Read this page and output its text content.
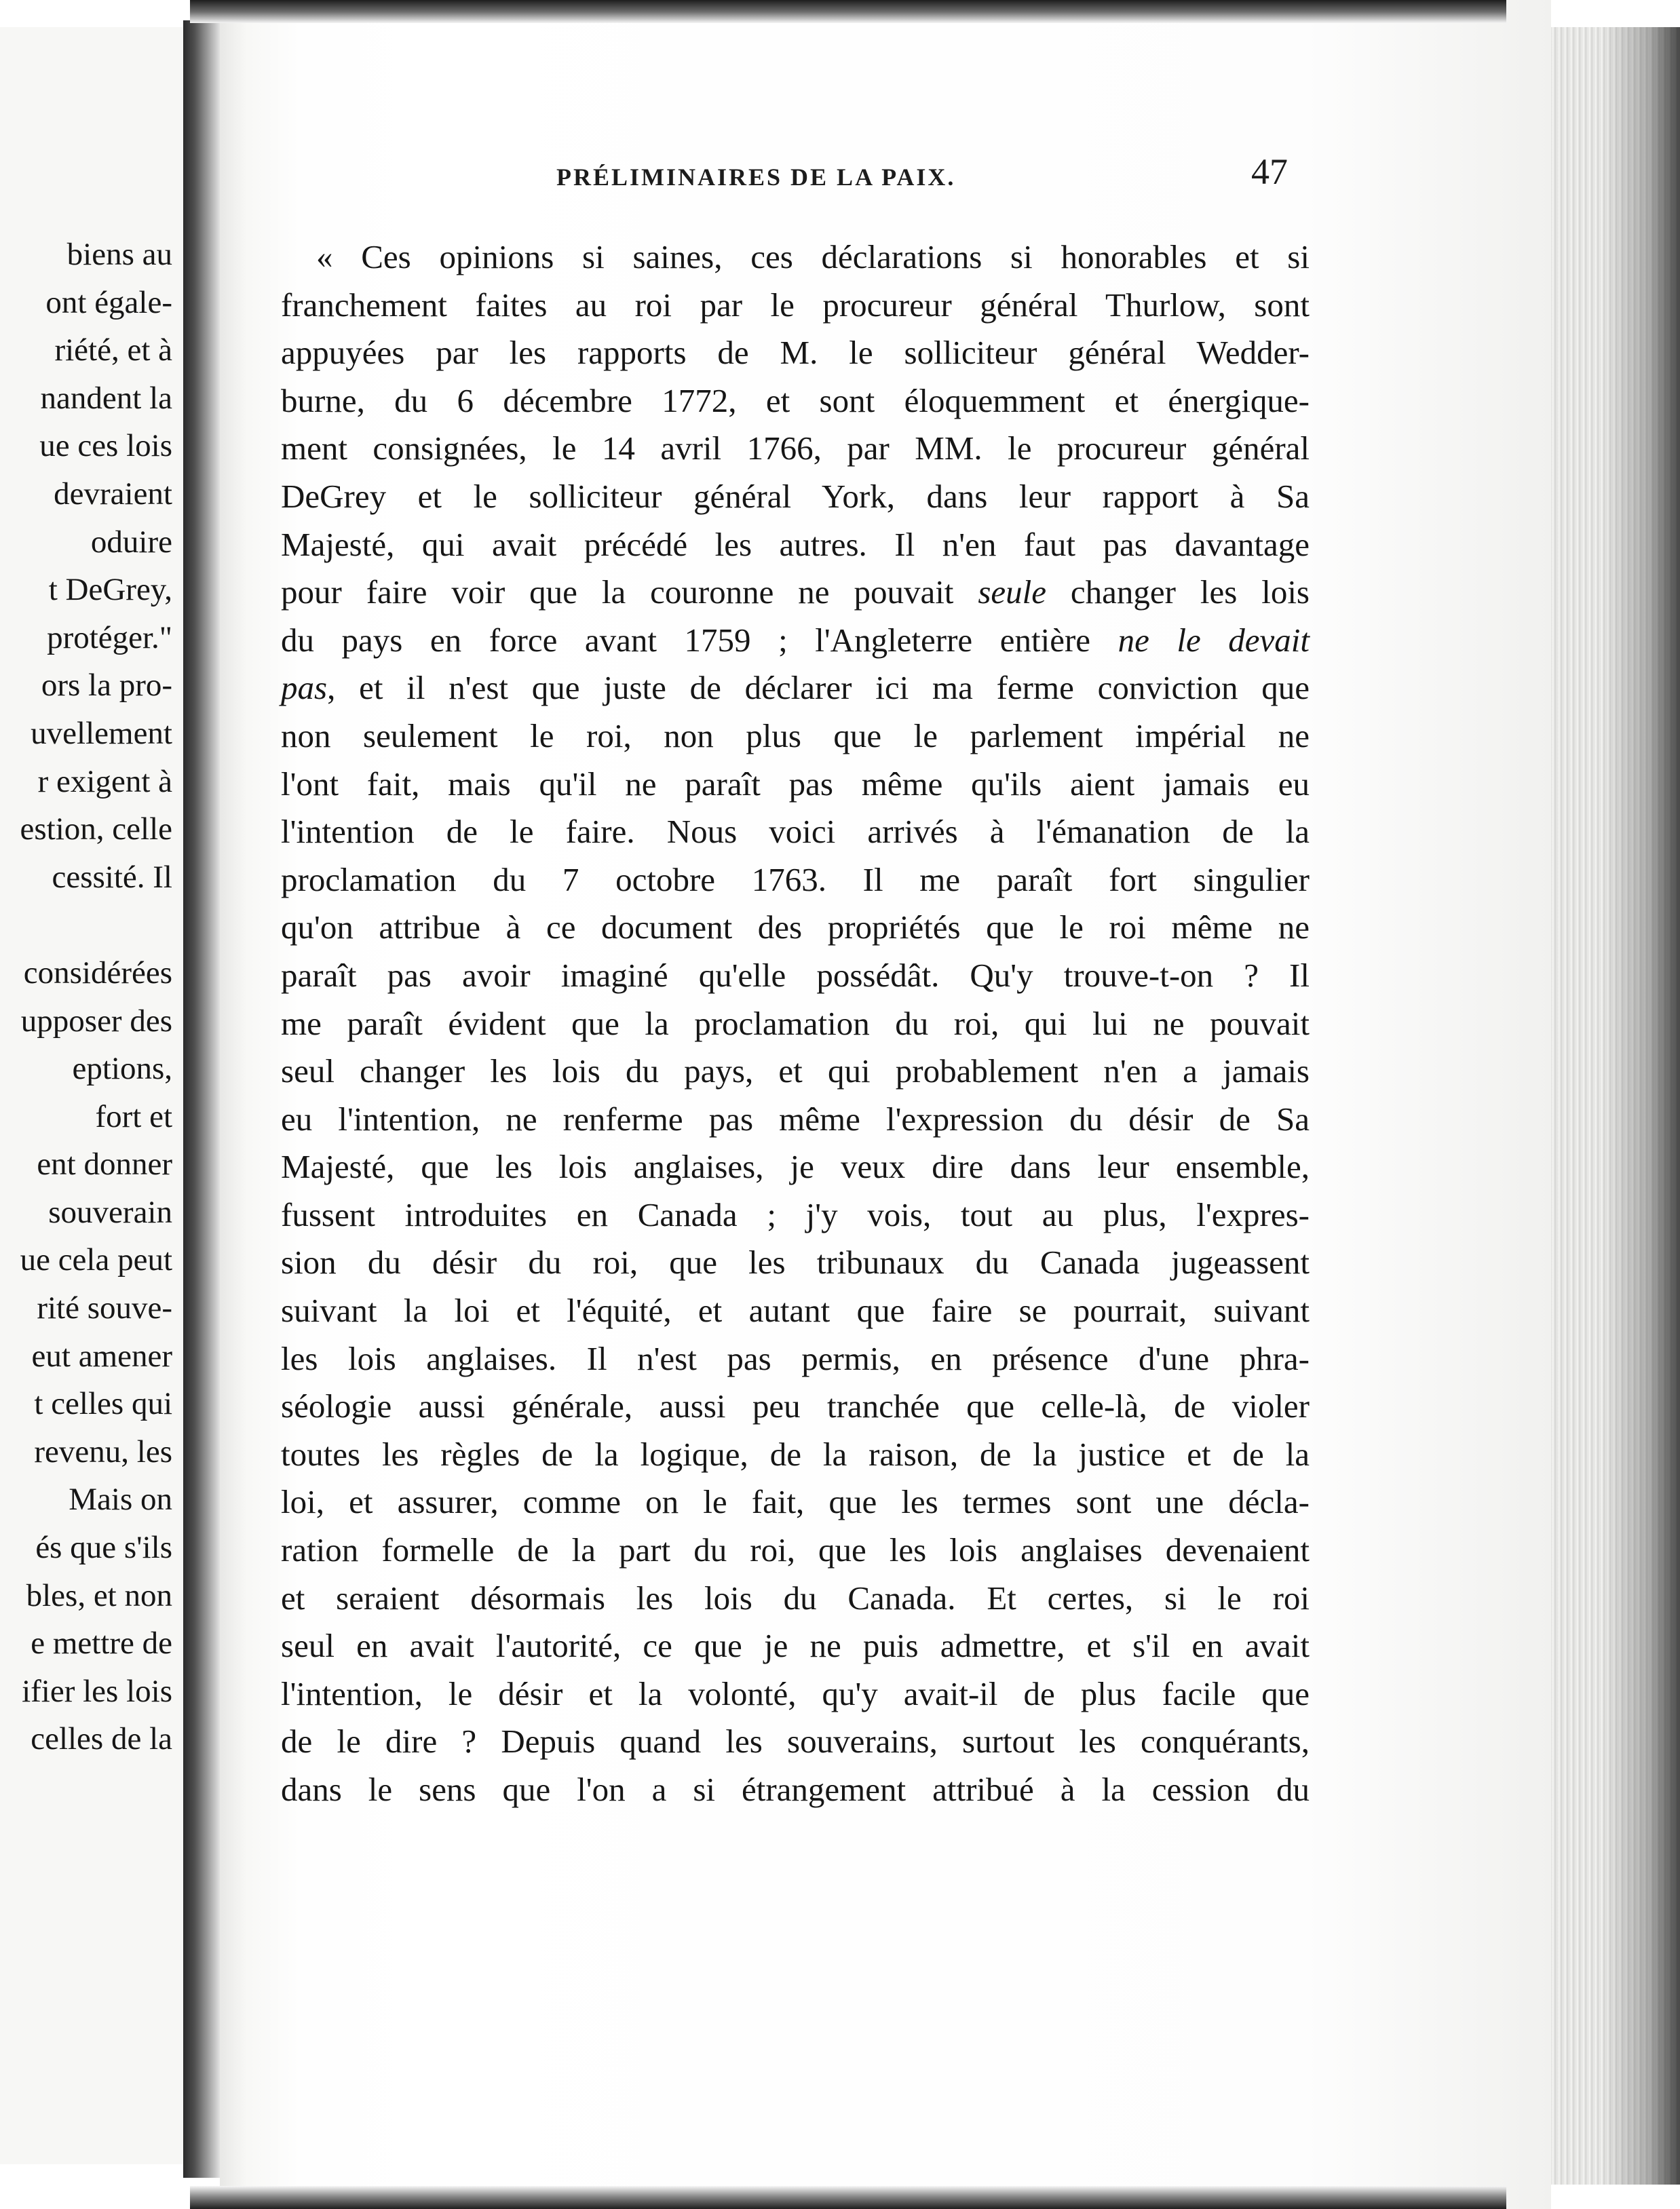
biens au
ont égale-
riété, et à
nandent la
ue ces lois
devraient
oduire
t DeGrey,
protéger."
ors la pro-
uvellement
r exigent à
estion, celle
cessité. Il
considérées
upposer des
eptions,
fort et
ent donner
souverain
ue cela peut
rité souve-
eut amener
t celles qui
revenu, les
Mais on
és que s'ils
bles, et non
e mettre de
ifier les lois
celles de la
PRÉLIMINAIRES DE LA PAIX.	47
« Ces opinions si saines, ces déclarations si honorables et si
franchement faites au roi par le procureur général Thurlow, sont
appuyées par les rapports de M. le solliciteur général Wedder-
burne, du 6 décembre 1772, et sont éloquemment et énergique-
ment consignées, le 14 avril 1766, par MM. le procureur général
DeGrey et le solliciteur général York, dans leur rapport à Sa
Majesté, qui avait précédé les autres. Il n'en faut pas davantage
pour faire voir que la couronne ne pouvait seule changer les lois
du pays en force avant 1759 ; l'Angleterre entière ne le devait
pas, et il n'est que juste de déclarer ici ma ferme conviction que
non seulement le roi, non plus que le parlement impérial ne
l'ont fait, mais qu'il ne paraît pas même qu'ils aient jamais eu
l'intention de le faire. Nous voici arrivés à l'émanation de la
proclamation du 7 octobre 1763. Il me paraît fort singulier
qu'on attribue à ce document des propriétés que le roi même ne
paraît pas avoir imaginé qu'elle possédât. Qu'y trouve-t-on ? Il
me paraît évident que la proclamation du roi, qui lui ne pouvait
seul changer les lois du pays, et qui probablement n'en a jamais
eu l'intention, ne renferme pas même l'expression du désir de Sa
Majesté, que les lois anglaises, je veux dire dans leur ensemble,
fussent introduites en Canada ; j'y vois, tout au plus, l'expres-
sion du désir du roi, que les tribunaux du Canada jugeassent
suivant la loi et l'équité, et autant que faire se pourrait, suivant
les lois anglaises. Il n'est pas permis, en présence d'une phra-
séologie aussi générale, aussi peu tranchée que celle-là, de violer
toutes les règles de la logique, de la raison, de la justice et de la
loi, et assurer, comme on le fait, que les termes sont une décla-
ration formelle de la part du roi, que les lois anglaises devenaient
et seraient désormais les lois du Canada. Et certes, si le roi
seul en avait l'autorité, ce que je ne puis admettre, et s'il en avait
l'intention, le désir et la volonté, qu'y avait-il de plus facile que
de le dire ? Depuis quand les souverains, surtout les conquérants,
dans le sens que l'on a si étrangement attribué à la cession du
